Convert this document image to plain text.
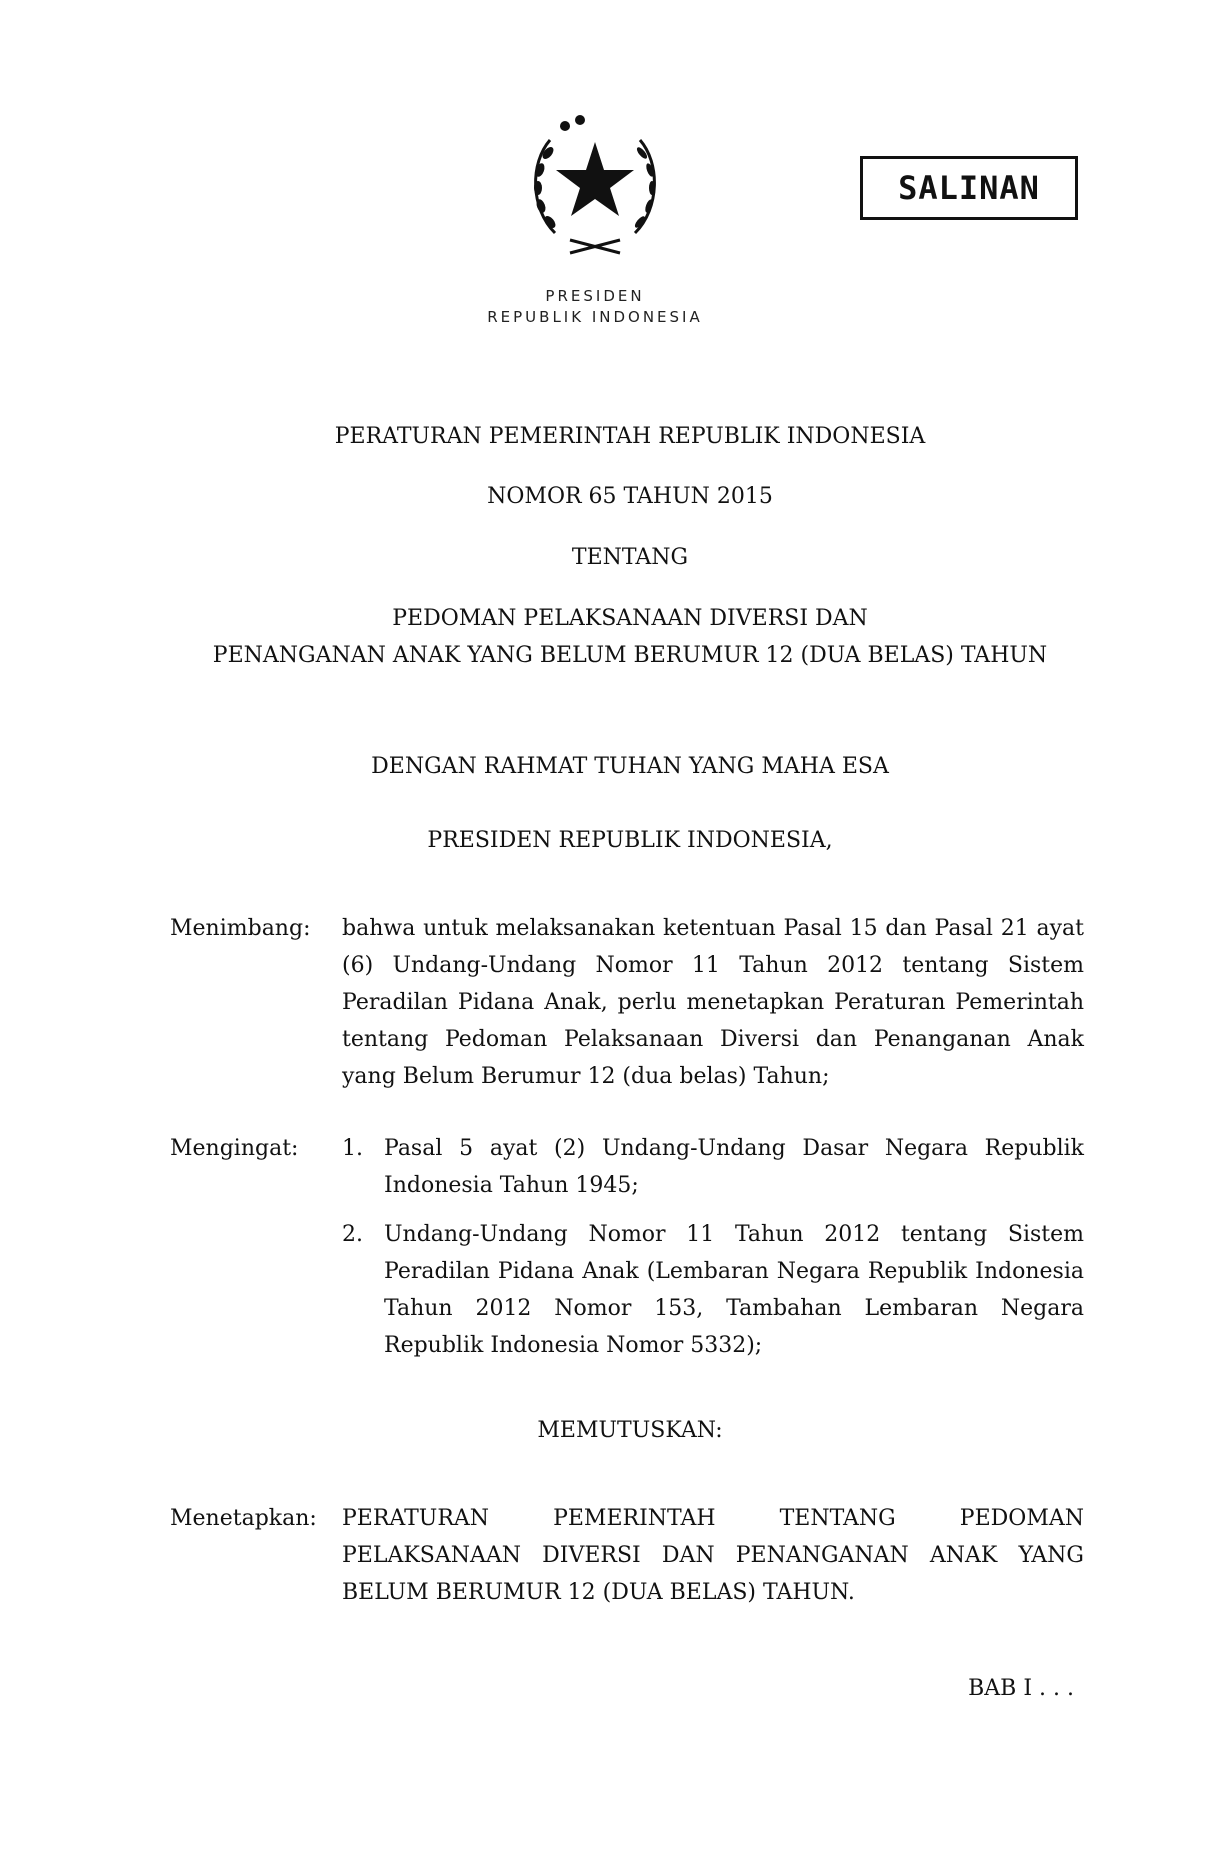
SALINAN
PRESIDEN
REPUBLIK INDONESIA
PERATURAN PEMERINTAH REPUBLIK INDONESIA
NOMOR 65 TAHUN 2015
TENTANG
PEDOMAN PELAKSANAAN DIVERSI DAN
PENANGANAN ANAK YANG BELUM BERUMUR 12 (DUA BELAS) TAHUN
DENGAN RAHMAT TUHAN YANG MAHA ESA
PRESIDEN REPUBLIK INDONESIA,
Menimbang: bahwa untuk melaksanakan ketentuan Pasal 15 dan Pasal 21 ayat (6) Undang-Undang Nomor 11 Tahun 2012 tentang Sistem Peradilan Pidana Anak, perlu menetapkan Peraturan Pemerintah tentang Pedoman Pelaksanaan Diversi dan Penanganan Anak yang Belum Berumur 12 (dua belas) Tahun;
Mengingat: 1. Pasal 5 ayat (2) Undang-Undang Dasar Negara Republik Indonesia Tahun 1945;
2. Undang-Undang Nomor 11 Tahun 2012 tentang Sistem Peradilan Pidana Anak (Lembaran Negara Republik Indonesia Tahun 2012 Nomor 153, Tambahan Lembaran Negara Republik Indonesia Nomor 5332);
MEMUTUSKAN:
Menetapkan: PERATURAN PEMERINTAH TENTANG PEDOMAN PELAKSANAAN DIVERSI DAN PENANGANAN ANAK YANG BELUM BERUMUR 12 (DUA BELAS) TAHUN.
BAB I . . .
